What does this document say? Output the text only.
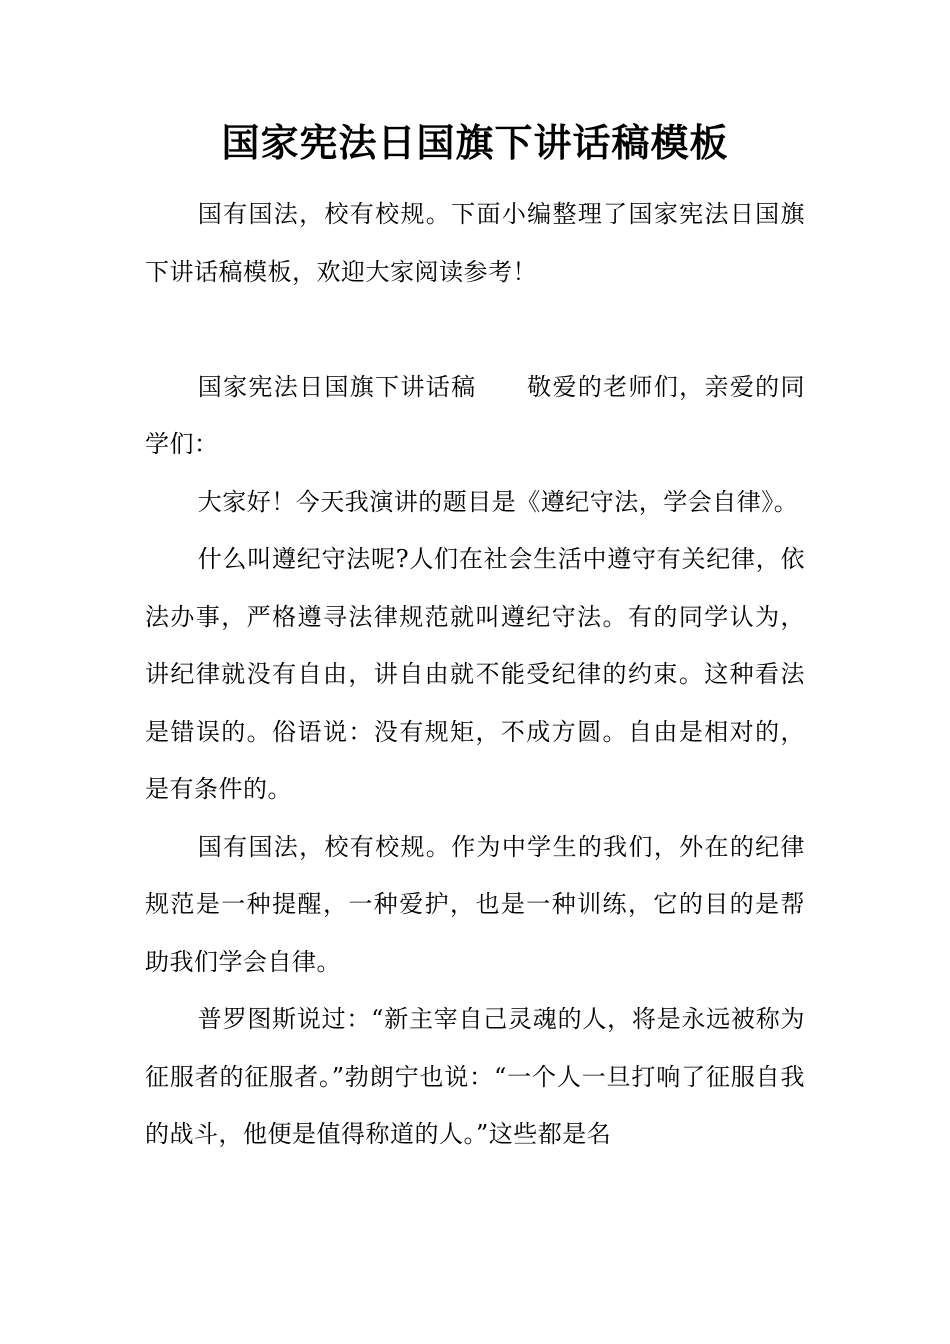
国家宪法日国旗下讲话稿模板

国有国法，校有校规。下面小编整理了国家宪法日国旗下讲话稿模板，欢迎大家阅读参考！

国家宪法日国旗下讲话稿　　敬爱的老师们，亲爱的同学们：

大家好！今天我演讲的题目是《遵纪守法，学会自律》。

什么叫遵纪守法呢?人们在社会生活中遵守有关纪律，依法办事，严格遵寻法律规范就叫遵纪守法。有的同学认为，讲纪律就没有自由，讲自由就不能受纪律的约束。这种看法是错误的。俗语说：没有规矩，不成方圆。自由是相对的，是有条件的。

国有国法，校有校规。作为中学生的我们，外在的纪律规范是一种提醒，一种爱护，也是一种训练，它的目的是帮助我们学会自律。

普罗图斯说过：“新主宰自己灵魂的人，将是永远被称为征服者的征服者。”勃朗宁也说：“一个人一旦打响了征服自我的战斗，他便是值得称道的人。”这些都是名
